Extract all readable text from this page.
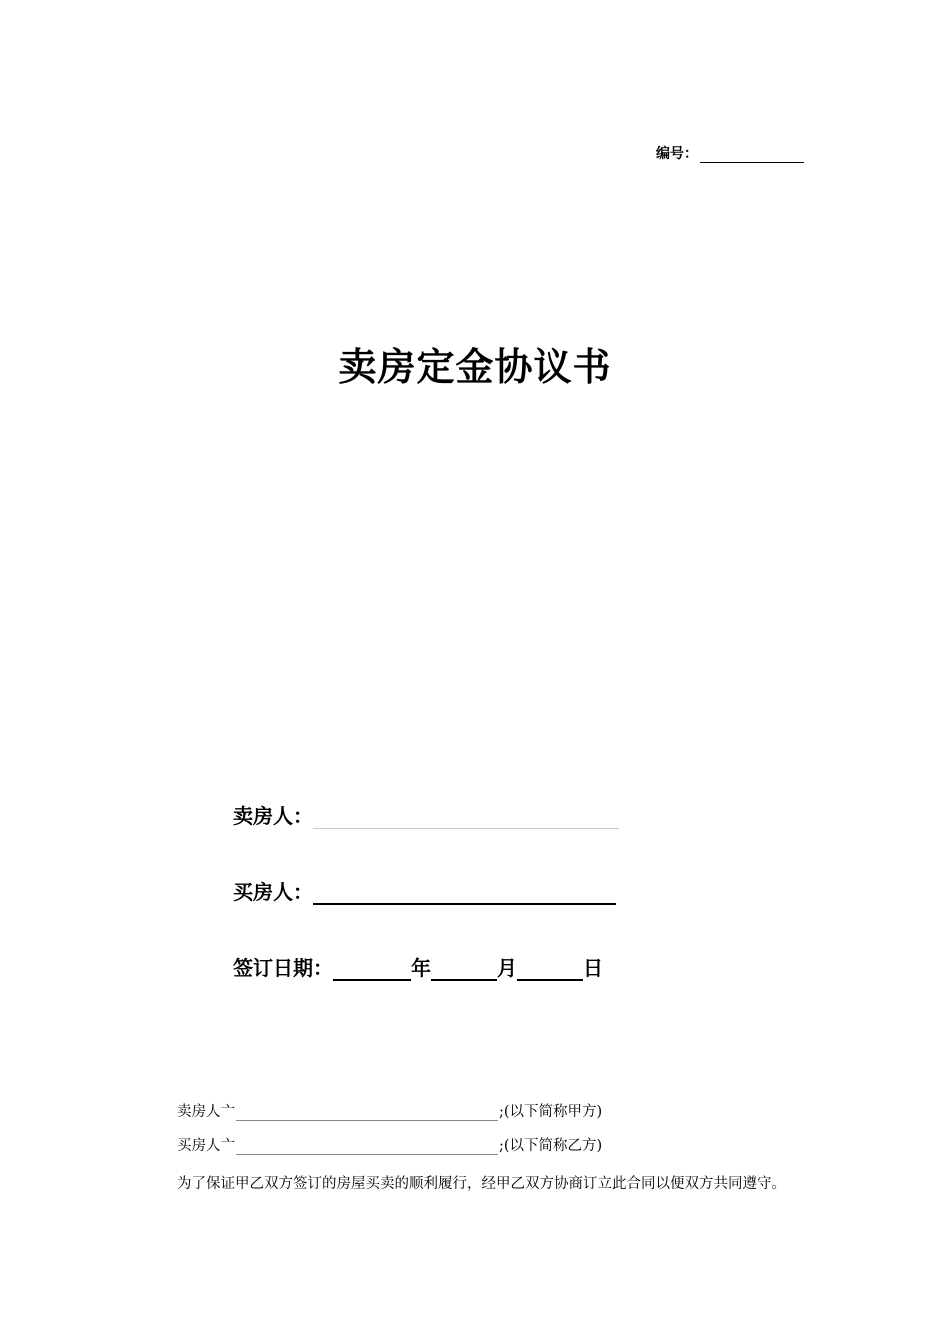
编号：
卖房定金协议书
卖房人：
买房人：
签订日期：	年	月	日
卖房人亠	;(以下简称甲方)
买房人亠	;(以下简称乙方)

为了保证甲乙双方签订的房屋买卖的顺利履行，经甲乙双方协商订立此合同以便双方共同遵守。
